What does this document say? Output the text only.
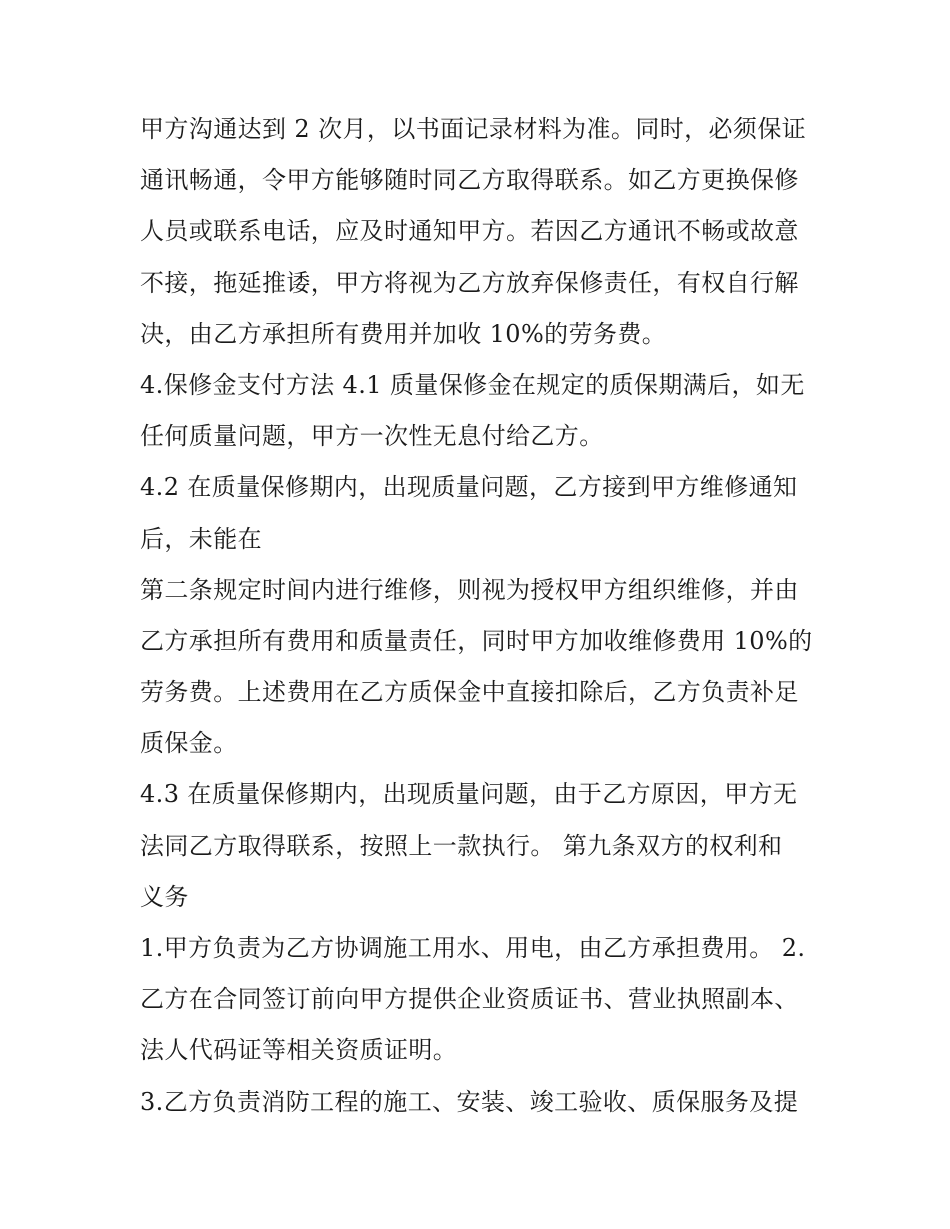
甲方沟通达到 2 次月，以书面记录材料为准。同时，必须保证
通讯畅通，令甲方能够随时同乙方取得联系。如乙方更换保修
人员或联系电话，应及时通知甲方。若因乙方通讯不畅或故意
不接，拖延推诿，甲方将视为乙方放弃保修责任，有权自行解
决，由乙方承担所有费用并加收 10%的劳务费。
4.保修金支付方法 4.1 质量保修金在规定的质保期满后，如无
任何质量问题，甲方一次性无息付给乙方。
4.2 在质量保修期内，出现质量问题，乙方接到甲方维修通知
后，未能在
第二条规定时间内进行维修，则视为授权甲方组织维修，并由
乙方承担所有费用和质量责任，同时甲方加收维修费用 10%的
劳务费。上述费用在乙方质保金中直接扣除后，乙方负责补足
质保金。
4.3 在质量保修期内，出现质量问题，由于乙方原因，甲方无
法同乙方取得联系，按照上一款执行。 第九条双方的权利和
义务
1.甲方负责为乙方协调施工用水、用电，由乙方承担费用。 2.
乙方在合同签订前向甲方提供企业资质证书、营业执照副本、
法人代码证等相关资质证明。
3.乙方负责消防工程的施工、安装、竣工验收、质保服务及提
